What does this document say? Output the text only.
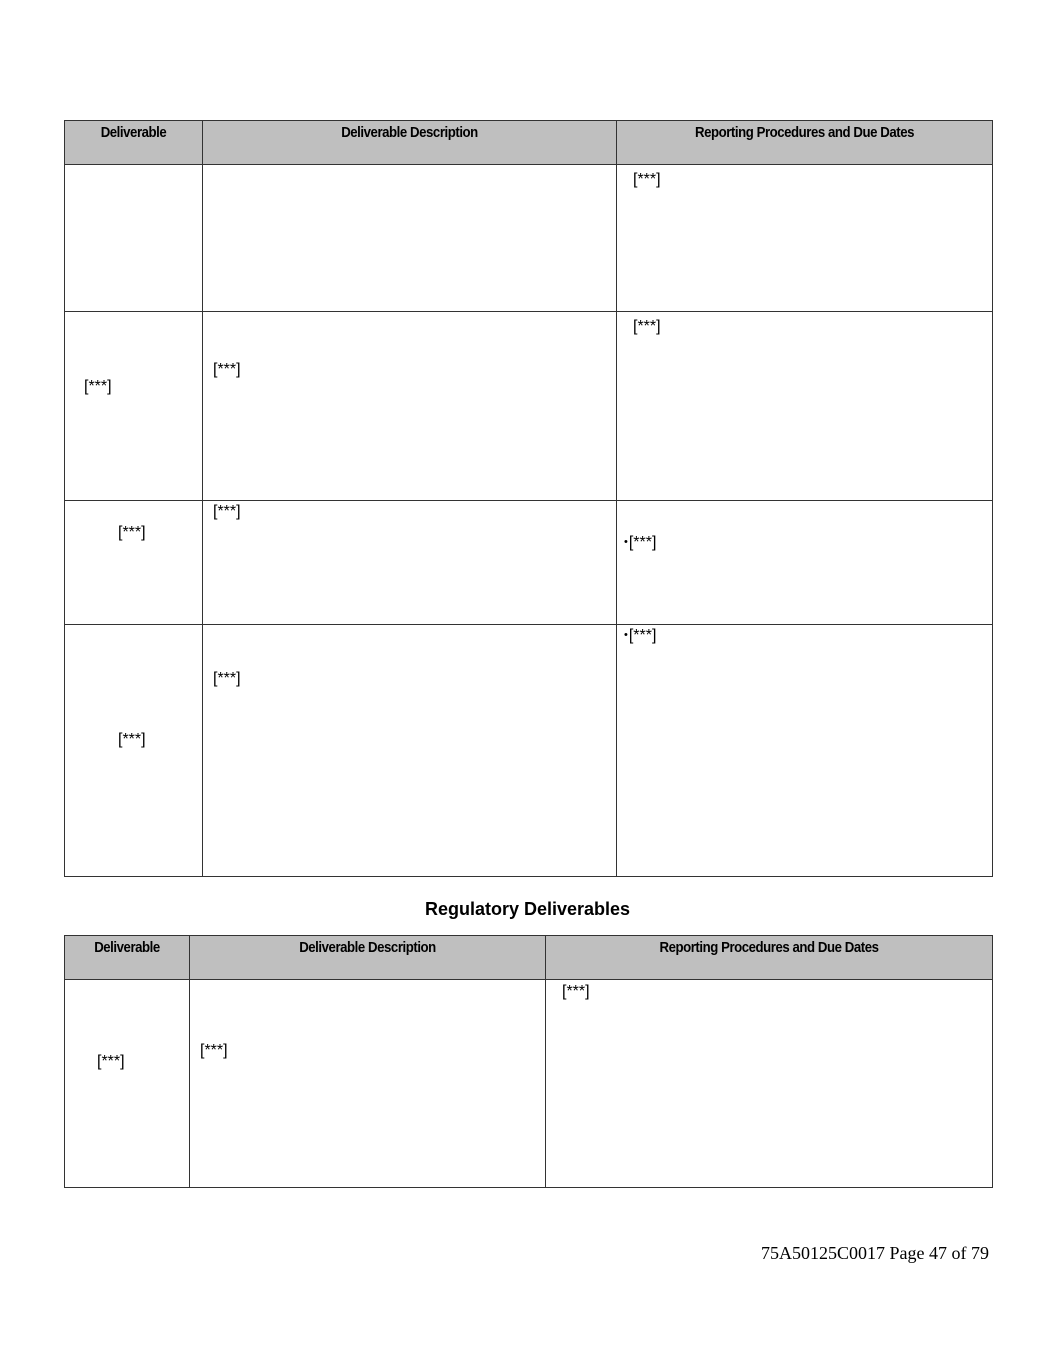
Deliverable	Deliverable Description	Reporting Procedures and Due Dates

		[***]

[***]	[***]	[***]

[***]	[***]	• [***]

[***]	[***]	• [***]
Regulatory Deliverables
Deliverable	Deliverable Description	Reporting Procedures and Due Dates

[***]	[***]	[***]
75A50125C0017 Page 47 of 79
